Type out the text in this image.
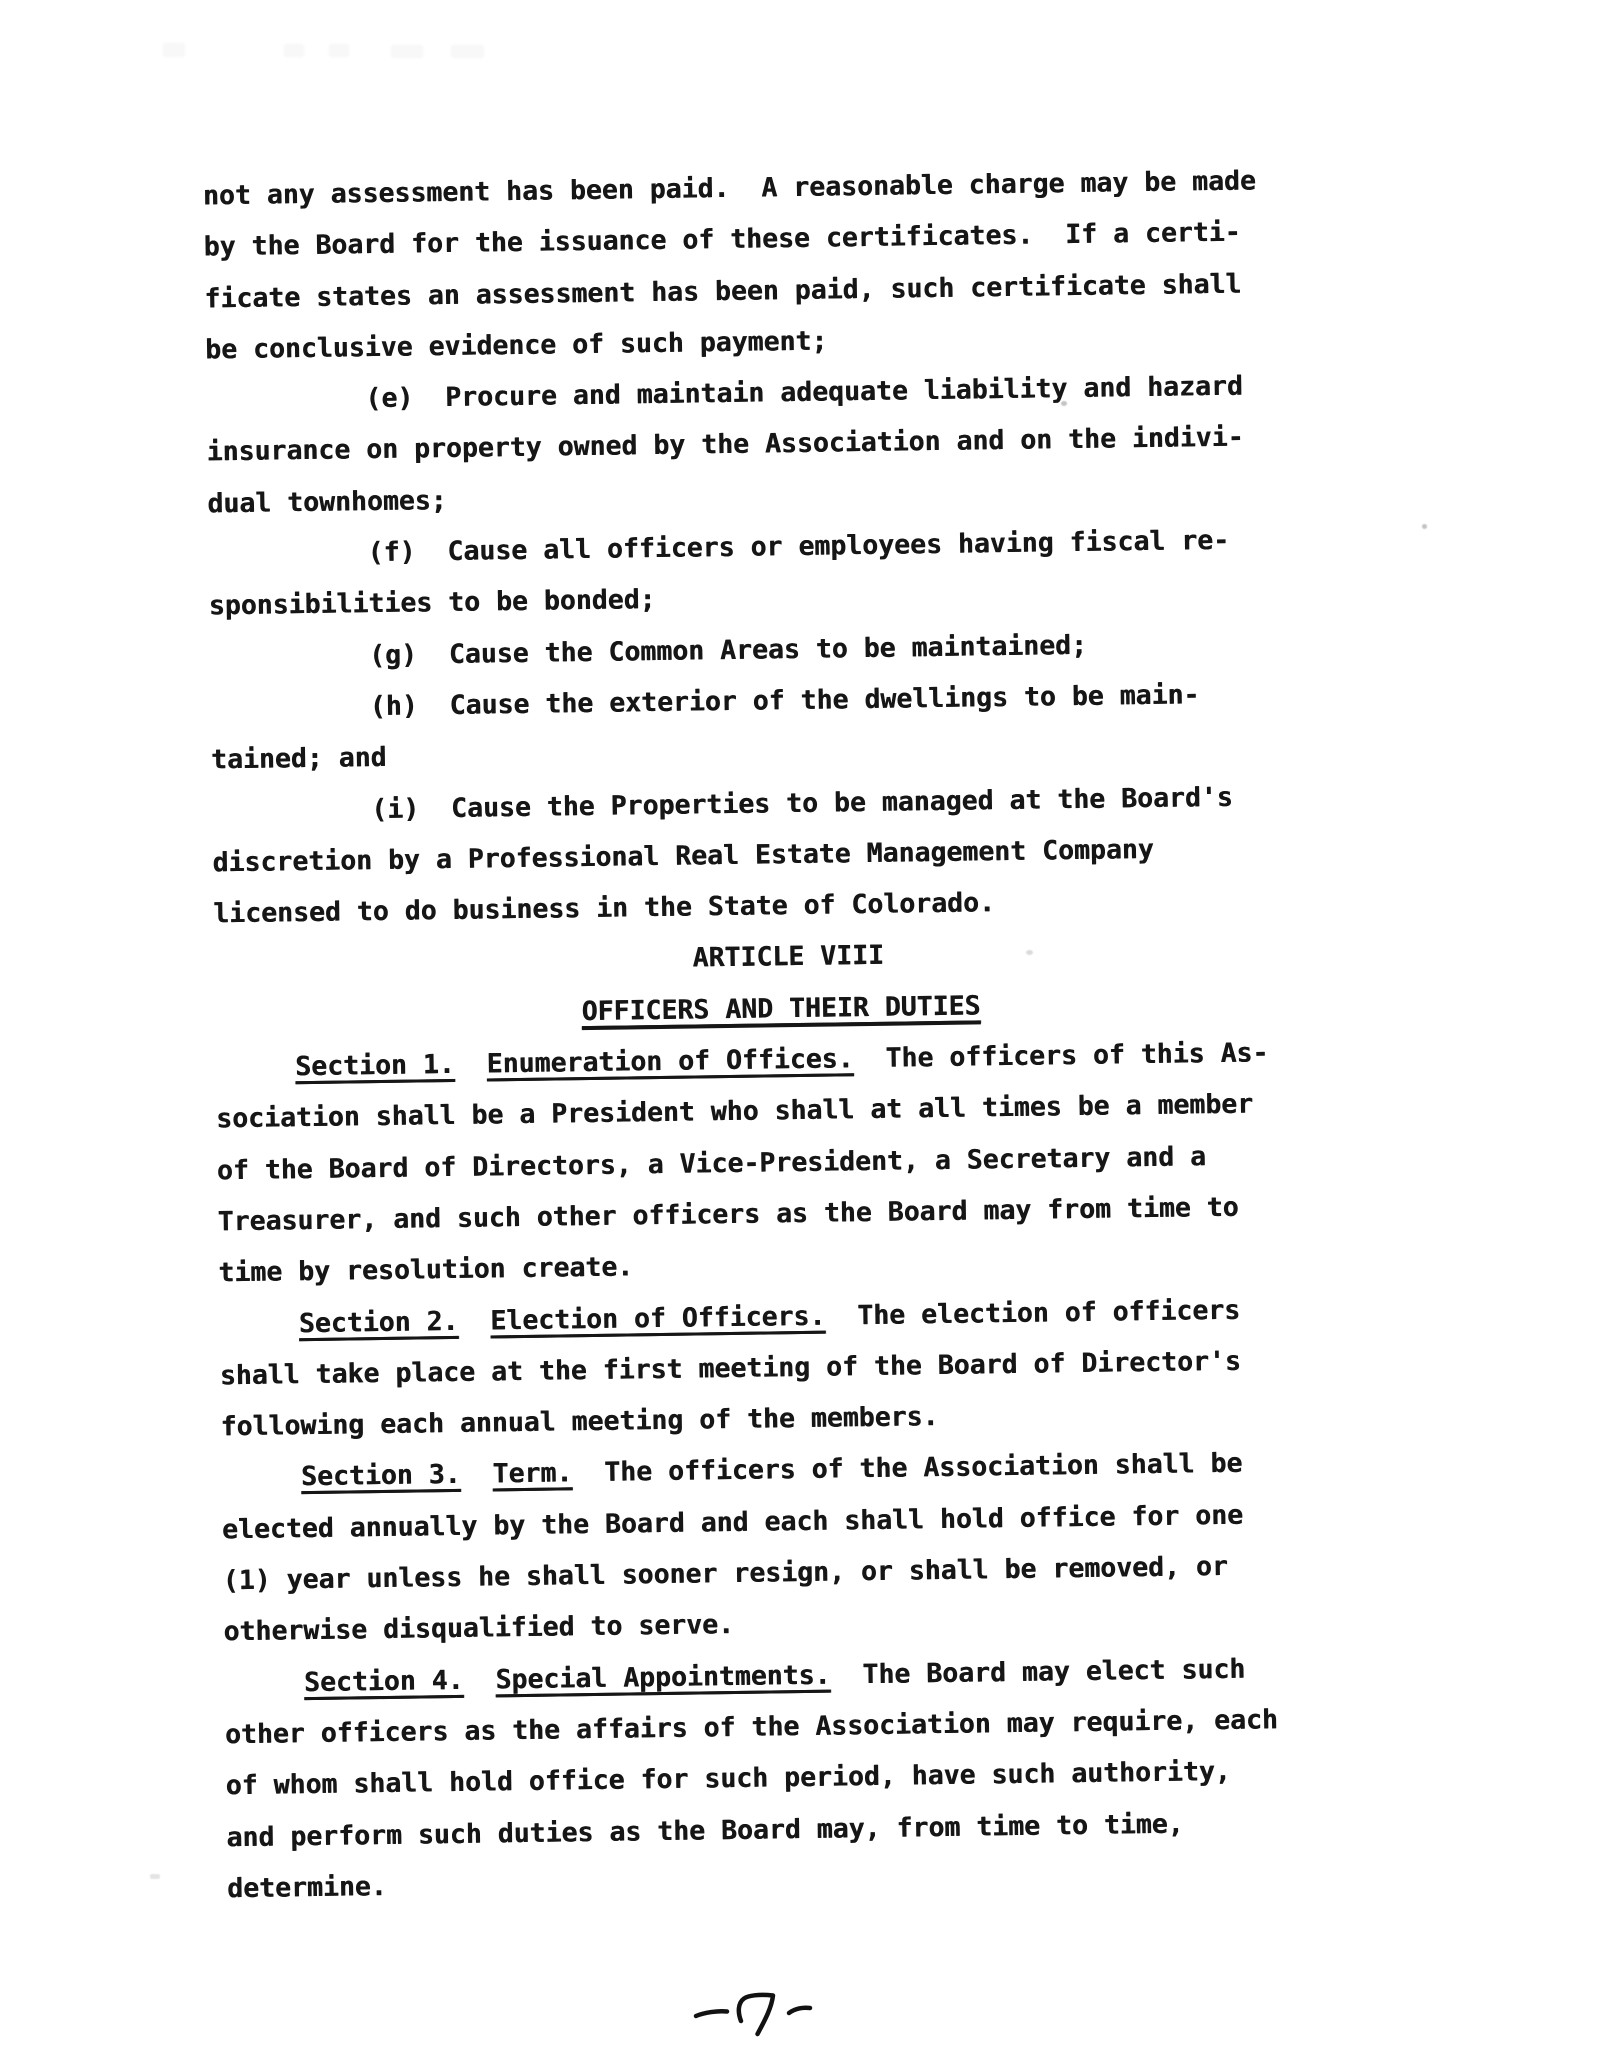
not any assessment has been paid.  A reasonable charge may be made
by the Board for the issuance of these certificates.  If a certi-
ficate states an assessment has been paid, such certificate shall
be conclusive evidence of such payment;
(e)  Procure and maintain adequate liability and hazard
insurance on property owned by the Association and on the indivi-
dual townhomes;
(f)  Cause all officers or employees having fiscal re-
sponsibilities to be bonded;
(g)  Cause the Common Areas to be maintained;
(h)  Cause the exterior of the dwellings to be main-
tained; and
(i)  Cause the Properties to be managed at the Board's
discretion by a Professional Real Estate Management Company
licensed to do business in the State of Colorado.
ARTICLE VIII
OFFICERS AND THEIR DUTIES
Section 1. Enumeration of Offices.  The officers of this As-
sociation shall be a President who shall at all times be a member
of the Board of Directors, a Vice-President, a Secretary and a
Treasurer, and such other officers as the Board may from time to
time by resolution create.
Section 2. Election of Officers.  The election of officers
shall take place at the first meeting of the Board of Director's
following each annual meeting of the members.
Section 3. Term.  The officers of the Association shall be
elected annually by the Board and each shall hold office for one
(1) year unless he shall sooner resign, or shall be removed, or
otherwise disqualified to serve.
Section 4. Special Appointments.  The Board may elect such
other officers as the affairs of the Association may require, each
of whom shall hold office for such period, have such authority,
and perform such duties as the Board may, from time to time,
determine.
